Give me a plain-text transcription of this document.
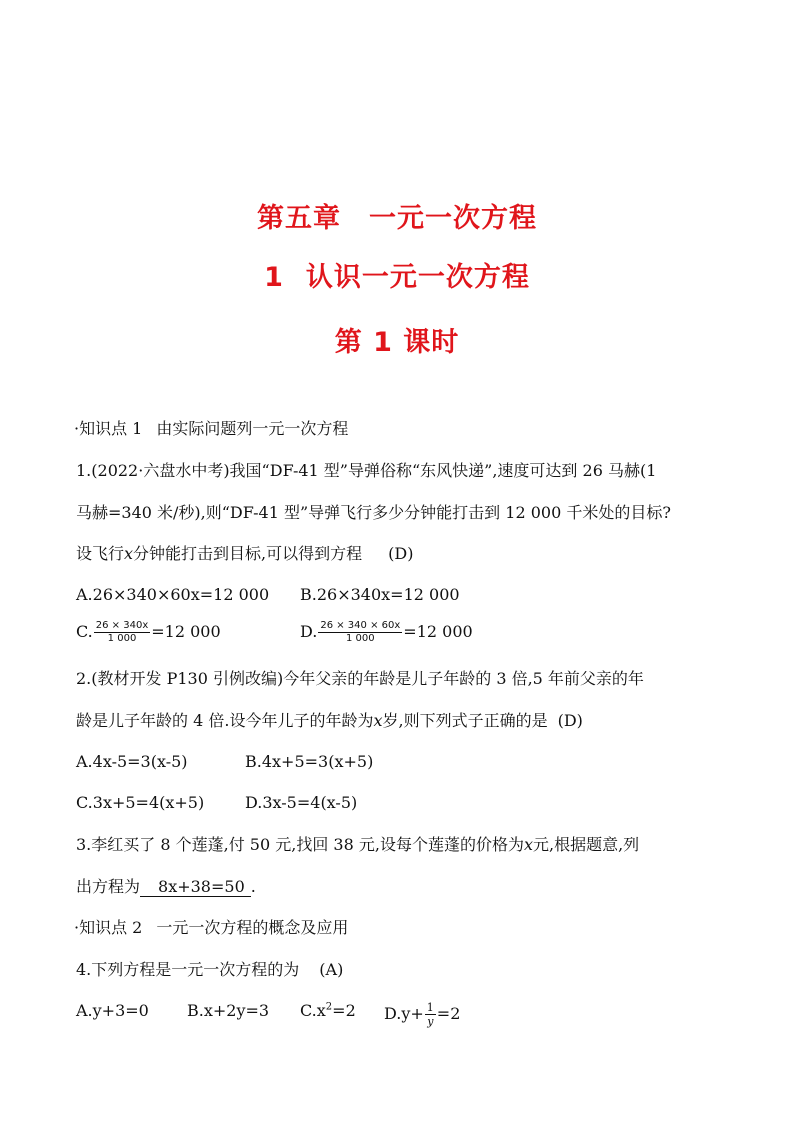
第五章 一元一次方程
1 认识一元一次方程
第 1 课时
·知识点 1 由实际问题列一元一次方程
1.(2022·六盘水中考)我国“DF-41 型”导弹俗称“东风快递”,速度可达到 26 马赫(1
马赫=340 米/秒),则“DF-41 型”导弹飞行多少分钟能打击到 12 000 千米处的目标?
设飞行x分钟能打击到目标,可以得到方程 (D)
A.26×340×60x=12 000 B.26×340x=12 000
C. $\frac{26 \times 340x}{1 000} =12$ 000	D. $\frac{26 \times 340 \times 60x}{1 000} =12$ 000
2.(教材开发 P130 引例改编)今年父亲的年龄是儿子年龄的 3 倍,5 年前父亲的年
龄是儿子年龄的 4 倍.设今年儿子的年龄为x岁,则下列式子正确的是 (D)
A.4x-5=3(x-5)	B.4x+5=3(x+5)
C.3x+5=4(x+5)	D.3x-5=4(x-5)
3.李红买了 8 个莲蓬,付 50 元,找回 38 元,设每个莲蓬的价格为x元,根据题意,列
出方程为 8x+38=50 .
·知识点 2 一元一次方程的概念及应用
4.下列方程是一元一次方程的为 (A)
A.y+3=0 B.x+2y=3 $C.x^2=2$ $D.y+ \frac{1}{y} =2$
